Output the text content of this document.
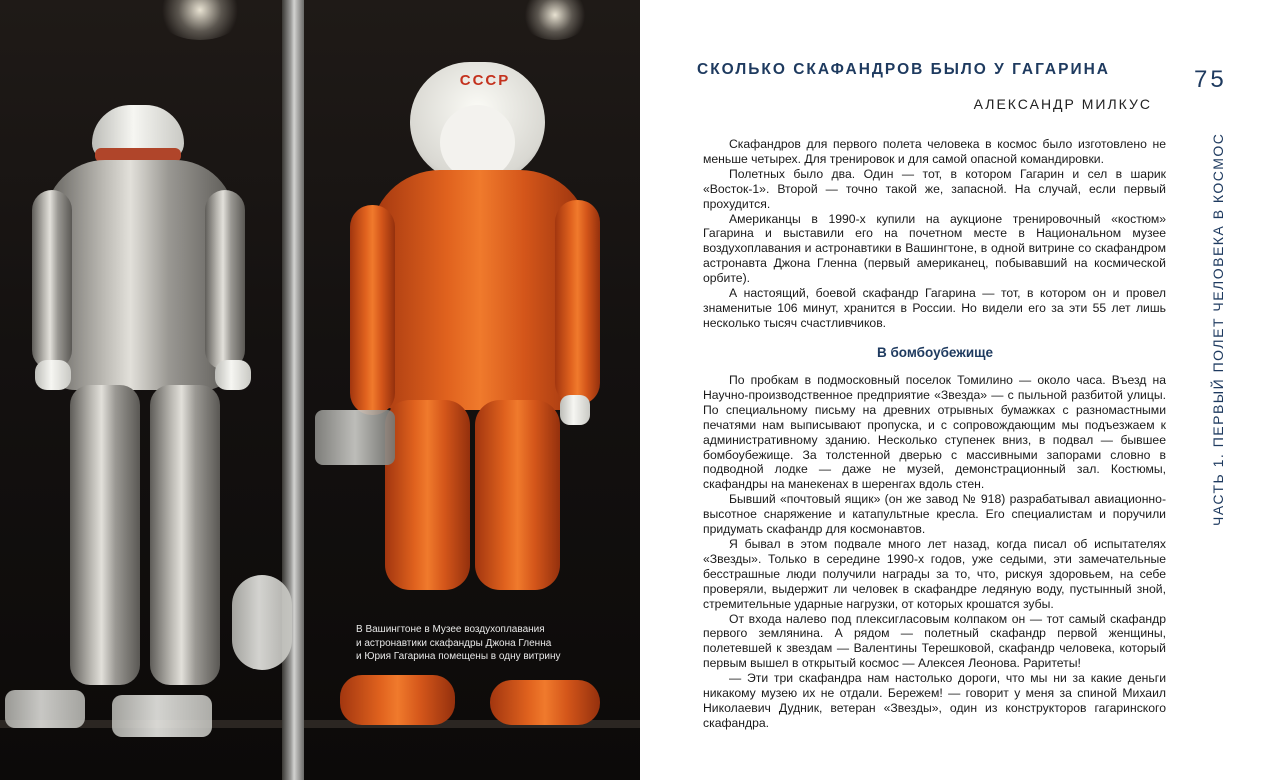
СССР
В Вашингтоне в Музее воздухоплавания
и астронавтики скафандры Джона Гленна
и Юрия Гагарина помещены в одну витрину
СКОЛЬКО СКАФАНДРОВ БЫЛО У ГАГАРИНА	75
АЛЕКСАНДР МИЛКУС
ЧАСТЬ 1. ПЕРВЫЙ ПОЛЕТ ЧЕЛОВЕКА В КОСМОС

Скафандров для первого полета человека в космос было изготовлено не меньше четырех. Для тренировок и для самой опасной командировки.

Полетных было два. Один — тот, в котором Гагарин и сел в шарик «Восток-1». Второй — точно такой же, запасной. На случай, если первый прохудится.

Американцы в 1990-х купили на аукционе тренировочный «костюм» Гагарина и выставили его на почетном месте в Национальном музее воздухоплавания и астронавтики в Вашингтоне, в одной витрине со скафандром астронавта Джона Гленна (первый американец, побывавший на космической орбите).

А настоящий, боевой скафандр Гагарина — тот, в котором он и провел знаменитые 106 минут, хранится в России. Но видели его за эти 55 лет лишь несколько тысяч счастливчиков.

В бомбоубежище

По пробкам в подмосковный поселок Томилино — около часа. Въезд на Научно-производственное предприятие «Звезда» — с пыльной разбитой улицы. По специальному письму на древних отрывных бумажках с разномастными печатями нам выписывают пропуска, и с сопровождающим мы подъезжаем к административному зданию. Несколько ступенек вниз, в подвал — бывшее бомбоубежище. За толстенной дверью с массивными запорами словно в подводной лодке — даже не музей, демонстрационный зал. Костюмы, скафандры на манекенах в шеренгах вдоль стен.

Бывший «почтовый ящик» (он же завод № 918) разрабатывал авиационно-высотное снаряжение и катапультные кресла. Его специалистам и поручили придумать скафандр для космонавтов.

Я бывал в этом подвале много лет назад, когда писал об испытателях «Звезды». Только в середине 1990-х годов, уже седыми, эти замечательные бесстрашные люди получили награды за то, что, рискуя здоровьем, на себе проверяли, выдержит ли человек в скафандре ледяную воду, пустынный зной, стремительные ударные нагрузки, от которых крошатся зубы.

От входа налево под плексигласовым колпаком он — тот самый скафандр первого землянина. А рядом — полетный скафандр первой женщины, полетевшей к звездам — Валентины Терешковой, скафандр человека, который первым вышел в открытый космос — Алексея Леонова. Раритеты!

— Эти три скафандра нам настолько дороги, что мы ни за какие деньги никакому музею их не отдали. Бережем! — говорит у меня за спиной Михаил Николаевич Дудник, ветеран «Звезды», один из конструкторов гагаринского скафандра.
